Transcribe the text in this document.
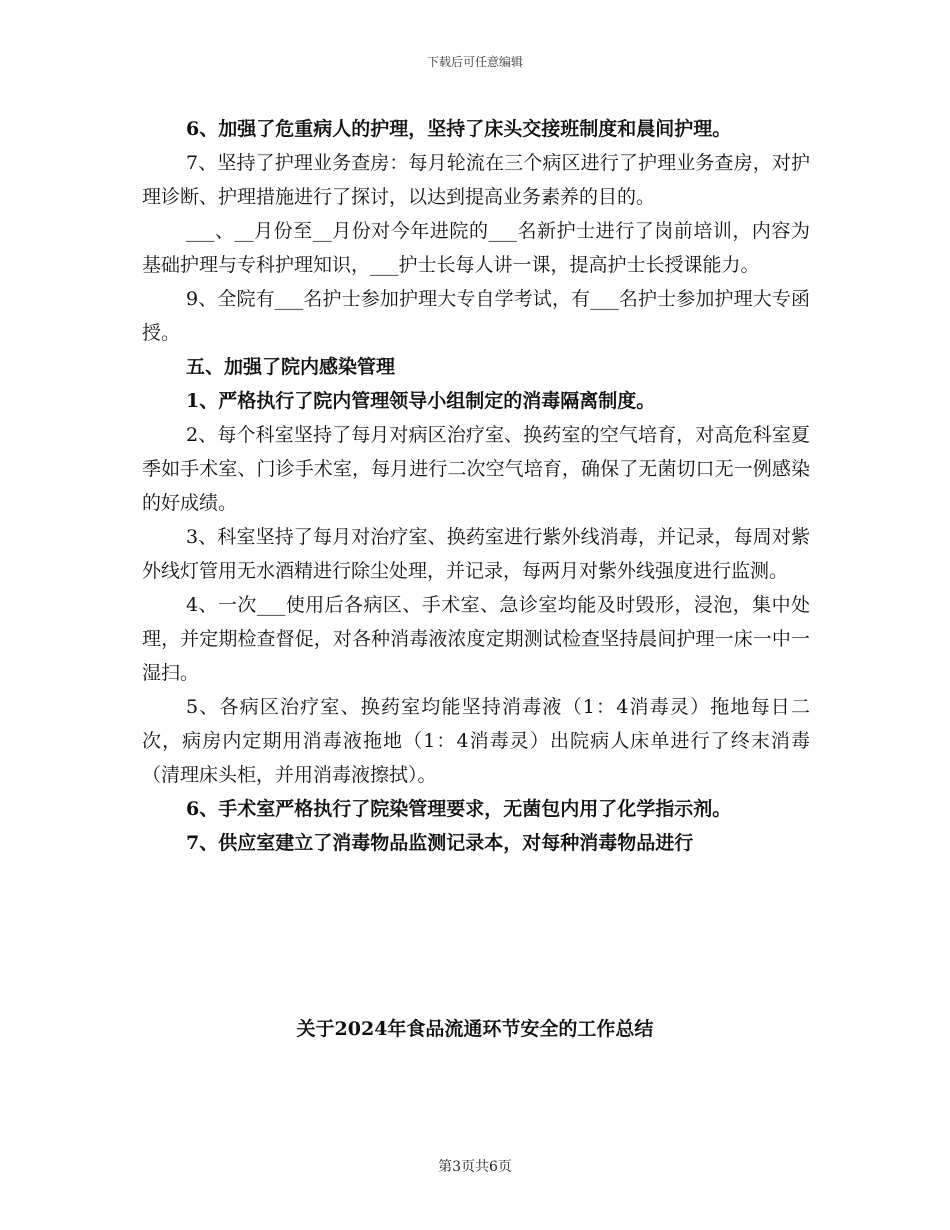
下载后可任意编辑

6、加强了危重病人的护理，坚持了床头交接班制度和晨间护理。

7、坚持了护理业务查房：每月轮流在三个病区进行了护理业务查房，对护理诊断、护理措施进行了探讨，以达到提高业务素养的目的。

___、__月份至__月份对今年进院的___名新护士进行了岗前培训，内容为基础护理与专科护理知识，___护士长每人讲一课，提高护士长授课能力。

9、全院有___名护士参加护理大专自学考试，有___名护士参加护理大专函授。

五、加强了院内感染管理

1、严格执行了院内管理领导小组制定的消毒隔离制度。

2、每个科室坚持了每月对病区治疗室、换药室的空气培育，对高危科室夏季如手术室、门诊手术室，每月进行二次空气培育，确保了无菌切口无一例感染的好成绩。

3、科室坚持了每月对治疗室、换药室进行紫外线消毒，并记录，每周对紫外线灯管用无水酒精进行除尘处理，并记录，每两月对紫外线强度进行监测。

4、一次___使用后各病区、手术室、急诊室均能及时毁形，浸泡，集中处理，并定期检查督促，对各种消毒液浓度定期测试检查坚持晨间护理一床一中一湿扫。

5、各病区治疗室、换药室均能坚持消毒液（1：4消毒灵）拖地每日二次，病房内定期用消毒液拖地（1：4消毒灵）出院病人床单进行了终末消毒（清理床头柜，并用消毒液擦拭）。

6、手术室严格执行了院染管理要求，无菌包内用了化学指示剂。

7、供应室建立了消毒物品监测记录本，对每种消毒物品进行

关于2024年食品流通环节安全的工作总结
第3页共6页
